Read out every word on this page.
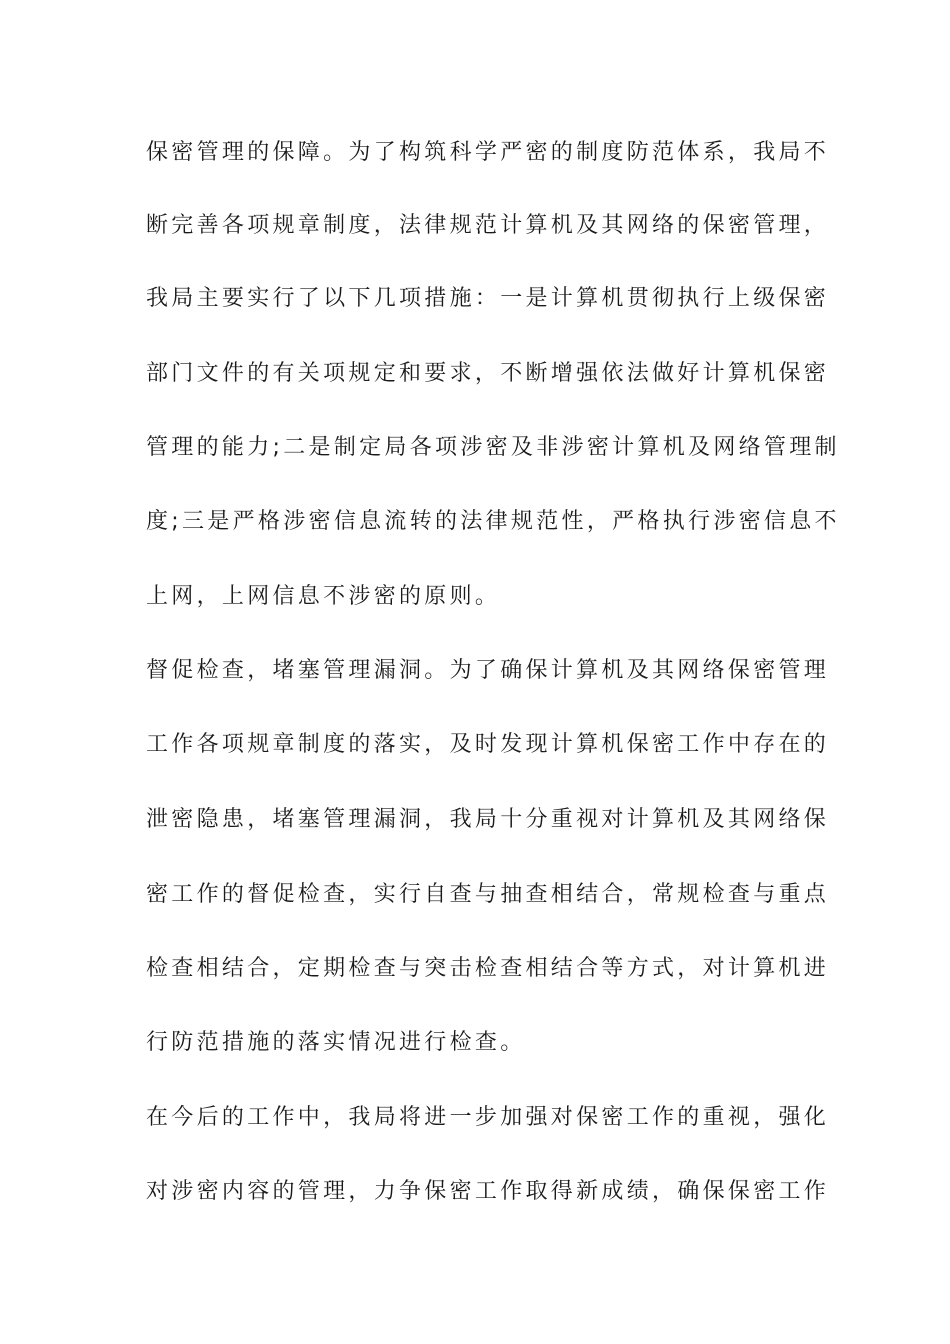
保密管理的保障。为了构筑科学严密的制度防范体系，我局不
断完善各项规章制度，法律规范计算机及其网络的保密管理，
我局主要实行了以下几项措施：一是计算机贯彻执行上级保密
部门文件的有关项规定和要求，不断增强依法做好计算机保密
管理的能力;二是制定局各项涉密及非涉密计算机及网络管理制
度;三是严格涉密信息流转的法律规范性，严格执行涉密信息不
上网，上网信息不涉密的原则。
督促检查，堵塞管理漏洞。为了确保计算机及其网络保密管理
工作各项规章制度的落实，及时发现计算机保密工作中存在的
泄密隐患，堵塞管理漏洞，我局十分重视对计算机及其网络保
密工作的督促检查，实行自查与抽查相结合，常规检查与重点
检查相结合，定期检查与突击检查相结合等方式，对计算机进
行防范措施的落实情况进行检查。
在今后的工作中，我局将进一步加强对保密工作的重视，强化
对涉密内容的管理，力争保密工作取得新成绩，确保保密工作
